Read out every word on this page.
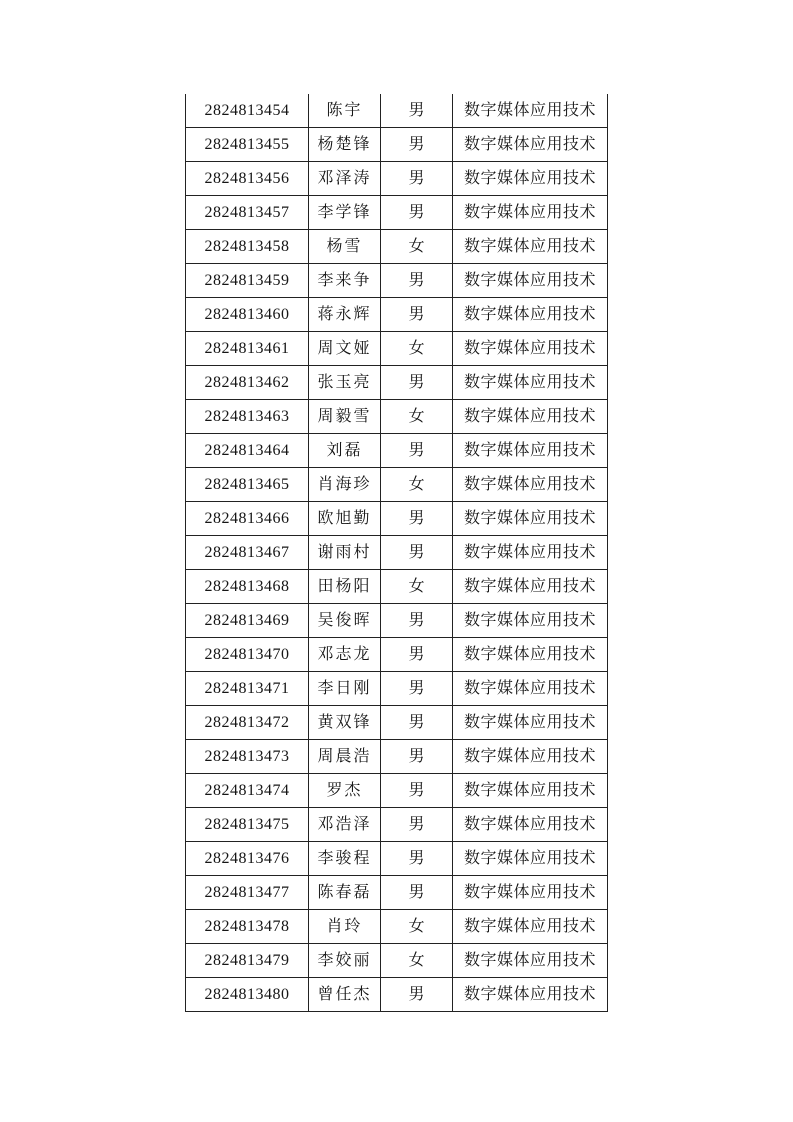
2824813454	陈宇	男	数字媒体应用技术
2824813455	杨楚锋	男	数字媒体应用技术
2824813456	邓泽涛	男	数字媒体应用技术
2824813457	李学锋	男	数字媒体应用技术
2824813458	杨雪	女	数字媒体应用技术
2824813459	李来争	男	数字媒体应用技术
2824813460	蒋永辉	男	数字媒体应用技术
2824813461	周文娅	女	数字媒体应用技术
2824813462	张玉亮	男	数字媒体应用技术
2824813463	周毅雪	女	数字媒体应用技术
2824813464	刘磊	男	数字媒体应用技术
2824813465	肖海珍	女	数字媒体应用技术
2824813466	欧旭勤	男	数字媒体应用技术
2824813467	谢雨村	男	数字媒体应用技术
2824813468	田杨阳	女	数字媒体应用技术
2824813469	吴俊晖	男	数字媒体应用技术
2824813470	邓志龙	男	数字媒体应用技术
2824813471	李日刚	男	数字媒体应用技术
2824813472	黄双锋	男	数字媒体应用技术
2824813473	周晨浩	男	数字媒体应用技术
2824813474	罗杰	男	数字媒体应用技术
2824813475	邓浩泽	男	数字媒体应用技术
2824813476	李骏程	男	数字媒体应用技术
2824813477	陈春磊	男	数字媒体应用技术
2824813478	肖玲	女	数字媒体应用技术
2824813479	李姣丽	女	数字媒体应用技术
2824813480	曾任杰	男	数字媒体应用技术
